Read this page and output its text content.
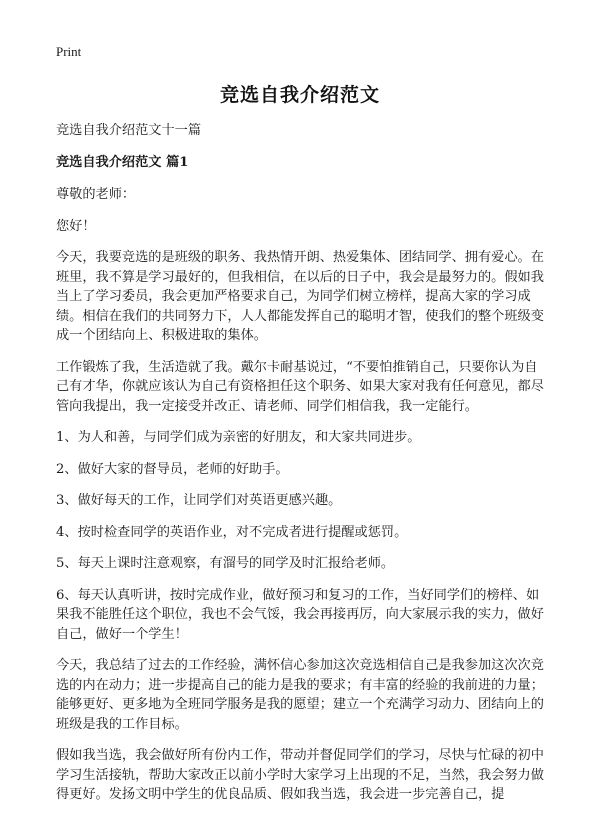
Print
竞选自我介绍范文

竞选自我介绍范文十一篇

竞选自我介绍范文 篇1

尊敬的老师：

您好！

今天，我要竞选的是班级的职务、我热情开朗、热爱集体、团结同学、拥有爱心。在班里，我不算是学习最好的，但我相信，在以后的日子中，我会是最努力的。假如我当上了学习委员，我会更加严格要求自己，为同学们树立榜样，提高大家的学习成绩。相信在我们的共同努力下，人人都能发挥自己的聪明才智，使我们的整个班级变成一个团结向上、积极进取的集体。

工作锻炼了我，生活造就了我。戴尔卡耐基说过，“不要怕推销自己，只要你认为自己有才华，你就应该认为自己有资格担任这个职务、如果大家对我有任何意见，都尽管向我提出，我一定接受并改正、请老师、同学们相信我，我一定能行。

1、为人和善，与同学们成为亲密的好朋友，和大家共同进步。

2、做好大家的督导员，老师的好助手。

3、做好每天的工作，让同学们对英语更感兴趣。

4、按时检查同学的英语作业，对不完成者进行提醒或惩罚。

5、每天上课时注意观察，有溜号的同学及时汇报给老师。

6、每天认真听讲，按时完成作业，做好预习和复习的工作，当好同学们的榜样、如果我不能胜任这个职位，我也不会气馁，我会再接再厉，向大家展示我的实力，做好自己，做好一个学生！

今天，我总结了过去的工作经验，满怀信心参加这次竞选相信自己是我参加这次次竞选的内在动力；进一步提高自己的能力是我的要求；有丰富的经验的我前进的力量；能够更好、更多地为全班同学服务是我的愿望；建立一个充满学习动力、团结向上的班级是我的工作目标。

假如我当选，我会做好所有份内工作，带动并督促同学们的学习，尽快与忙碌的初中学习生活接轨，帮助大家改正以前小学时大家学习上出现的不足，当然，我会努力做得更好。发扬文明中学生的优良品质、假如我当选，我会进一步完善自己，提
